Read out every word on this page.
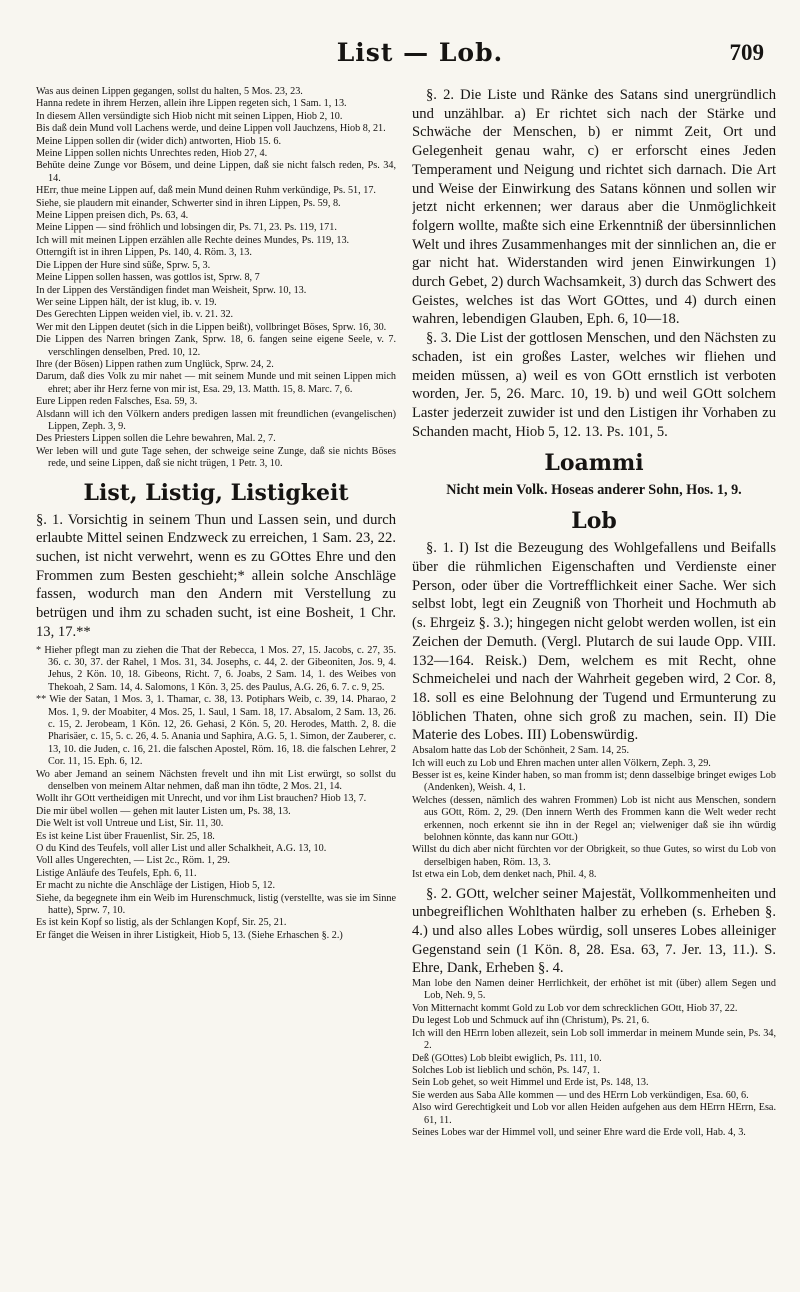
List — Lob.	709

Was aus deinen Lippen gegangen, sollst du halten, 5 Mos. 23, 23.

Hanna redete in ihrem Herzen, allein ihre Lippen regeten sich, 1 Sam. 1, 13.

In diesem Allen versündigte sich Hiob nicht mit seinen Lippen, Hiob 2, 10.

Bis daß dein Mund voll Lachens werde, und deine Lippen voll Jauchzens, Hiob 8, 21.

Meine Lippen sollen dir (wider dich) antworten, Hiob 15. 6.

Meine Lippen sollen nichts Unrechtes reden, Hiob 27, 4.

Behüte deine Zunge vor Bösem, und deine Lippen, daß sie nicht falsch reden, Ps. 34, 14.

HErr, thue meine Lippen auf, daß mein Mund deinen Ruhm verkündige, Ps. 51, 17.

Siehe, sie plaudern mit einander, Schwerter sind in ihren Lippen, Ps. 59, 8.

Meine Lippen preisen dich, Ps. 63, 4.

Meine Lippen — sind fröhlich und lobsingen dir, Ps. 71, 23. Ps. 119, 171.

Ich will mit meinen Lippen erzählen alle Rechte deines Mundes, Ps. 119, 13.

Otterngift ist in ihren Lippen, Ps. 140, 4. Röm. 3, 13.

Die Lippen der Hure sind süße, Sprw. 5, 3.

Meine Lippen sollen hassen, was gottlos ist, Sprw. 8, 7

In der Lippen des Verständigen findet man Weisheit, Sprw. 10, 13.

Wer seine Lippen hält, der ist klug, ib. v. 19.

Des Gerechten Lippen weiden viel, ib. v. 21. 32.

Wer mit den Lippen deutet (sich in die Lippen beißt), vollbringet Böses, Sprw. 16, 30.

Die Lippen des Narren bringen Zank, Sprw. 18, 6. fangen seine eigene Seele, v. 7. verschlingen denselben, Pred. 10, 12.

Ihre (der Bösen) Lippen rathen zum Unglück, Sprw. 24, 2.

Darum, daß dies Volk zu mir nahet — mit seinem Munde und mit seinen Lippen mich ehret; aber ihr Herz ferne von mir ist, Esa. 29, 13. Matth. 15, 8. Marc. 7, 6.

Eure Lippen reden Falsches, Esa. 59, 3.

Alsdann will ich den Völkern anders predigen lassen mit freundlichen (evangelischen) Lippen, Zeph. 3, 9.

Des Priesters Lippen sollen die Lehre bewahren, Mal. 2, 7.

Wer leben will und gute Tage sehen, der schweige seine Zunge, daß sie nichts Böses rede, und seine Lippen, daß sie nicht trügen, 1 Petr. 3, 10.

List, Listig, Listigkeit

§. 1. Vorsichtig in seinem Thun und Lassen sein, und durch erlaubte Mittel seinen Endzweck zu erreichen, 1 Sam. 23, 22. suchen, ist nicht verwehrt, wenn es zu GOttes Ehre und den Frommen zum Besten geschieht;* allein solche Anschläge fassen, wodurch man den Andern mit Verstellung zu betrügen und ihm zu schaden sucht, ist eine Bosheit, 1 Chr. 13, 17.**

* Hieher pflegt man zu ziehen die That der Rebecca, 1 Mos. 27, 15. Jacobs, c. 27, 35. 36. c. 30, 37. der Rahel, 1 Mos. 31, 34. Josephs, c. 44, 2. der Gibeoniten, Jos. 9, 4. Jehus, 2 Kön. 10, 18. Gibeons, Richt. 7, 6. Joabs, 2 Sam. 14, 1. des Weibes von Thekoah, 2 Sam. 14, 4. Salomons, 1 Kön. 3, 25. des Paulus, A.G. 26, 6. 7. c. 9, 25.

** Wie der Satan, 1 Mos. 3, 1. Thamar, c. 38, 13. Potiphars Weib, c. 39, 14. Pharao, 2 Mos. 1, 9. der Moabiter, 4 Mos. 25, 1. Saul, 1 Sam. 18, 17. Absalom, 2 Sam. 13, 26. c. 15, 2. Jerobeam, 1 Kön. 12, 26. Gehasi, 2 Kön. 5, 20. Herodes, Matth. 2, 8. die Pharisäer, c. 15, 5. c. 26, 4. 5. Anania und Saphira, A.G. 5, 1. Simon, der Zauberer, c. 13, 10. die Juden, c. 16, 21. die falschen Apostel, Röm. 16, 18. die falschen Lehrer, 2 Cor. 11, 15. Eph. 6, 12.

Wo aber Jemand an seinem Nächsten frevelt und ihn mit List erwürgt, so sollst du denselben von meinem Altar nehmen, daß man ihn tödte, 2 Mos. 21, 14.

Wollt ihr GOtt vertheidigen mit Unrecht, und vor ihm List brauchen? Hiob 13, 7.

Die mir übel wollen — gehen mit lauter Listen um, Ps. 38, 13.

Die Welt ist voll Untreue und List, Sir. 11, 30.

Es ist keine List über Frauenlist, Sir. 25, 18.

O du Kind des Teufels, voll aller List und aller Schalkheit, A.G. 13, 10.

Voll alles Ungerechten, — List 2c., Röm. 1, 29.

Listige Anläufe des Teufels, Eph. 6, 11.

Er macht zu nichte die Anschläge der Listigen, Hiob 5, 12.

Siehe, da begegnete ihm ein Weib im Hurenschmuck, listig (verstellte, was sie im Sinne hatte), Sprw. 7, 10.

Es ist kein Kopf so listig, als der Schlangen Kopf, Sir. 25, 21.

Er fänget die Weisen in ihrer Listigkeit, Hiob 5, 13. (Siehe Erhaschen §. 2.)

§. 2. Die Liste und Ränke des Satans sind unergründlich und unzählbar. a) Er richtet sich nach der Stärke und Schwäche der Menschen, b) er nimmt Zeit, Ort und Gelegenheit genau wahr, c) er erforscht eines Jeden Temperament und Neigung und richtet sich darnach. Die Art und Weise der Einwirkung des Satans können und sollen wir jetzt nicht erkennen; wer daraus aber die Unmöglichkeit folgern wollte, maßte sich eine Erkenntniß der übersinnlichen Welt und ihres Zusammenhanges mit der sinnlichen an, die er gar nicht hat. Widerstanden wird jenen Einwirkungen 1) durch Gebet, 2) durch Wachsamkeit, 3) durch das Schwert des Geistes, welches ist das Wort GOttes, und 4) durch einen wahren, lebendigen Glauben, Eph. 6, 10—18.

§. 3. Die List der gottlosen Menschen, und den Nächsten zu schaden, ist ein großes Laster, welches wir fliehen und meiden müssen, a) weil es von GOtt ernstlich ist verboten worden, Jer. 5, 26. Marc. 10, 19. b) und weil GOtt solchem Laster jederzeit zuwider ist und den Listigen ihr Vorhaben zu Schanden macht, Hiob 5, 12. 13. Ps. 101, 5.

Loammi
Nicht mein Volk. Hoseas anderer Sohn, Hos. 1, 9.
Lob

§. 1. I) Ist die Bezeugung des Wohlgefallens und Beifalls über die rühmlichen Eigenschaften und Verdienste einer Person, oder über die Vortrefflichkeit einer Sache. Wer sich selbst lobt, legt ein Zeugniß von Thorheit und Hochmuth ab (s. Ehrgeiz §. 3.); hingegen nicht gelobt werden wollen, ist ein Zeichen der Demuth. (Vergl. Plutarch de sui laude Opp. VIII. 132—164. Reisk.) Dem, welchem es mit Recht, ohne Schmeichelei und nach der Wahrheit gegeben wird, 2 Cor. 8, 18. soll es eine Belohnung der Tugend und Ermunterung zu löblichen Thaten, ohne sich groß zu machen, sein. II) Die Materie des Lobes. III) Lobenswürdig.

Absalom hatte das Lob der Schönheit, 2 Sam. 14, 25.

Ich will euch zu Lob und Ehren machen unter allen Völkern, Zeph. 3, 29.

Besser ist es, keine Kinder haben, so man fromm ist; denn dasselbige bringet ewiges Lob (Andenken), Weish. 4, 1.

Welches (dessen, nämlich des wahren Frommen) Lob ist nicht aus Menschen, sondern aus GOtt, Röm. 2, 29. (Den innern Werth des Frommen kann die Welt weder recht erkennen, noch erkennt sie ihn in der Regel an; vielweniger daß sie ihn würdig belohnen könnte, das kann nur GOtt.)

Willst du dich aber nicht fürchten vor der Obrigkeit, so thue Gutes, so wirst du Lob von derselbigen haben, Röm. 13, 3.

Ist etwa ein Lob, dem denket nach, Phil. 4, 8.

§. 2. GOtt, welcher seiner Majestät, Vollkommenheiten und unbegreiflichen Wohlthaten halber zu erheben (s. Erheben §. 4.) und also alles Lobes würdig, soll unseres Lobes alleiniger Gegenstand sein (1 Kön. 8, 28. Esa. 63, 7. Jer. 13, 11.). S. Ehre, Dank, Erheben §. 4.

Man lobe den Namen deiner Herrlichkeit, der erhöhet ist mit (über) allem Segen und Lob, Neh. 9, 5.

Von Mitternacht kommt Gold zu Lob vor dem schrecklichen GOtt, Hiob 37, 22.

Du legest Lob und Schmuck auf ihn (Christum), Ps. 21, 6.

Ich will den HErrn loben allezeit, sein Lob soll immerdar in meinem Munde sein, Ps. 34, 2.

Deß (GOttes) Lob bleibt ewiglich, Ps. 111, 10.

Solches Lob ist lieblich und schön, Ps. 147, 1.

Sein Lob gehet, so weit Himmel und Erde ist, Ps. 148, 13.

Sie werden aus Saba Alle kommen — und des HErrn Lob verkündigen, Esa. 60, 6.

Also wird Gerechtigkeit und Lob vor allen Heiden aufgehen aus dem HErrn HErrn, Esa. 61, 11.

Seines Lobes war der Himmel voll, und seiner Ehre ward die Erde voll, Hab. 4, 3.
